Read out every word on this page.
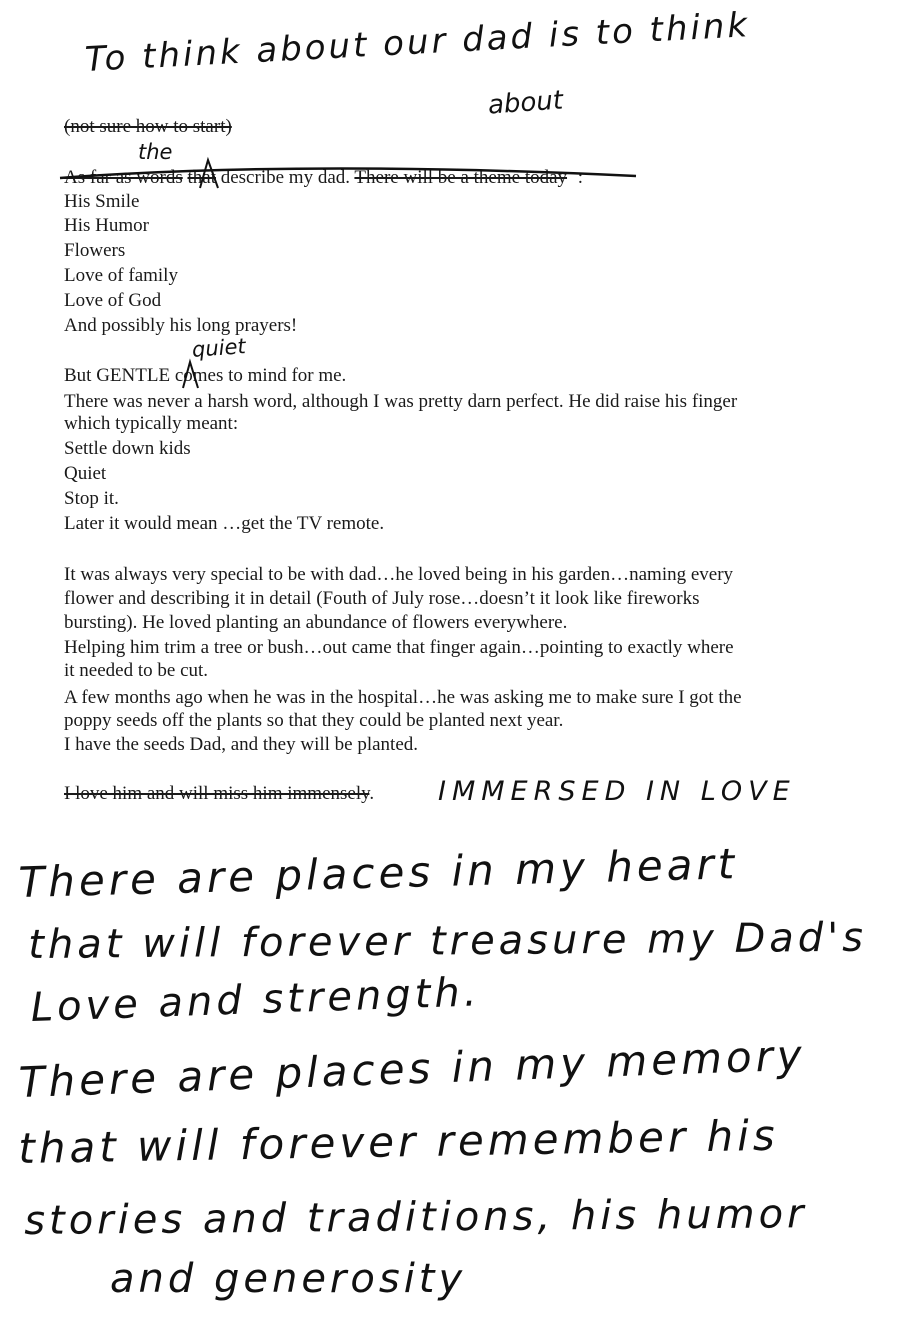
To think about our dad is to think
about

(not sure how to start)

the

As far as words that describe my dad. There will be a theme today :

His Smile

His Humor

Flowers

Love of family

Love of God

And possibly his long prayers!

quiet

But GENTLE comes to mind for me.

There was never a harsh word, although I was pretty darn perfect. He did raise his finger

which typically meant:

Settle down kids

Quiet

Stop it.

Later it would mean …get the TV remote.

It was always very special to be with dad…he loved being in his garden…naming every

flower and describing it in detail (Fouth of July rose…doesn’t it look like fireworks

bursting). He loved planting an abundance of flowers everywhere.

Helping him trim a tree or bush…out came that finger again…pointing to exactly where

it needed to be cut.

A few months ago when he was in the hospital…he was asking me to make sure I got the

poppy seeds off the plants so that they could be planted next year.

I have the seeds Dad, and they will be planted.

I love him and will miss him immensely. IMMERSED IN LOVE
There are places in my heart
that will forever treasure my Dad's
Love and strength.
There are places in my memory
that will forever remember his
stories and traditions, his humor
and generosity
